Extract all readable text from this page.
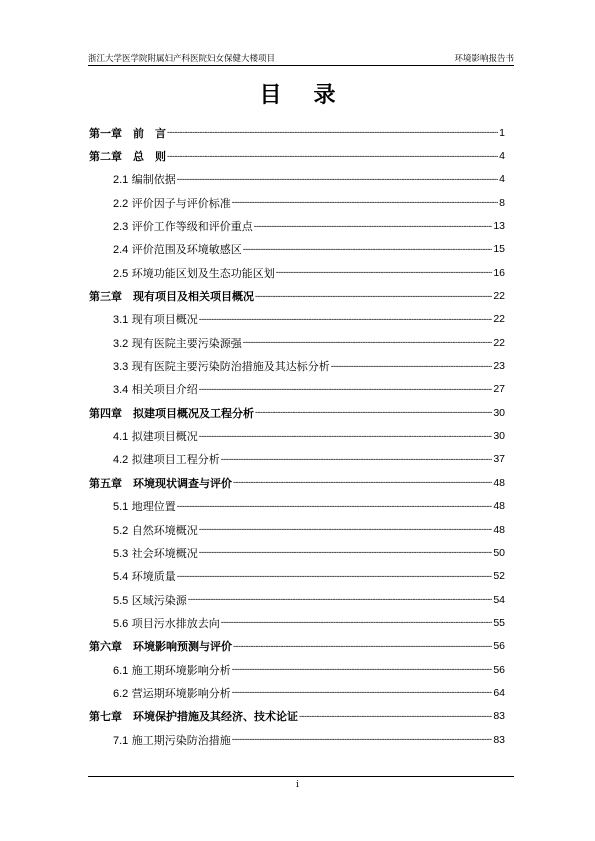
浙江大学医学院附属妇产科医院妇女保健大楼项目	环境影响报告书
目 录
第一章　前　言 -----	1
第二章　总　则 -----	4
2.1 编制依据 -----	4
2.2 评价因子与评价标准 -----	8
2.3 评价工作等级和评价重点 -----	13
2.4 评价范围及环境敏感区 -----	15
2.5 环境功能区划及生态功能区划 -----	16
第三章　现有项目及相关项目概况 -----	22
3.1 现有项目概况 -----	22
3.2 现有医院主要污染源强 -----	22
3.3 现有医院主要污染防治措施及其达标分析 -----	23
3.4 相关项目介绍 -----	27
第四章　拟建项目概况及工程分析 -----	30
4.1 拟建项目概况 -----	30
4.2 拟建项目工程分析 -----	37
第五章　环境现状调查与评价 -----	48
5.1 地理位置 -----	48
5.2 自然环境概况 -----	48
5.3 社会环境概况 -----	50
5.4 环境质量 -----	52
5.5 区域污染源 -----	54
5.6 项目污水排放去向 -----	55
第六章　环境影响预测与评价 -----	56
6.1 施工期环境影响分析 -----	56
6.2 营运期环境影响分析 -----	64
第七章　环境保护措施及其经济、技术论证 -----	83
7.1 施工期污染防治措施 -----	83
i
